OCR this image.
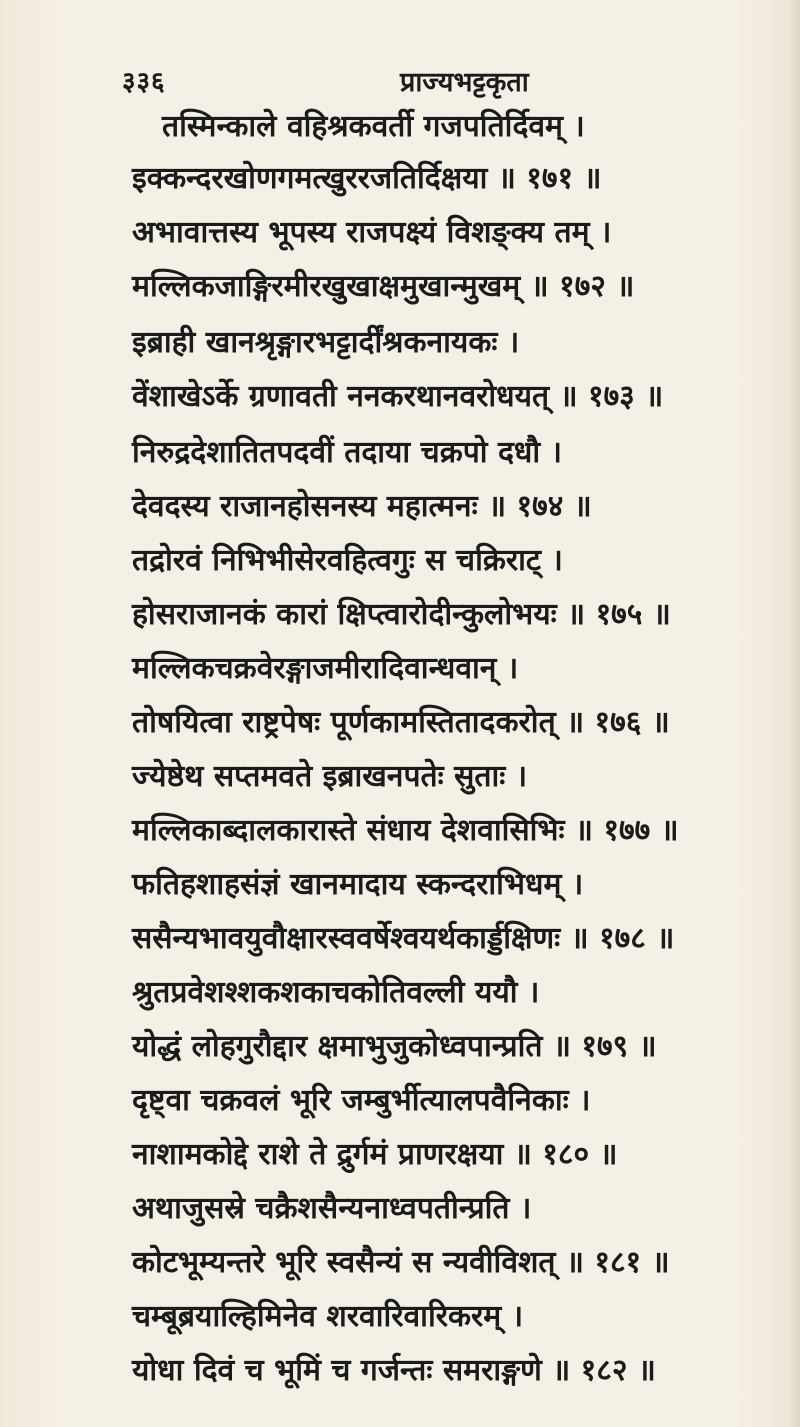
३३६	प्राज्यभट्टकृता
तस्मिन्काले वहिश्रकवर्ती गजपतिर्दिवम् ।
इक्कन्दरखोणगमत्खुररजतिर्दिक्षया ॥ १७१ ॥
अभावात्तस्य भूपस्य राजपक्ष्यं विशङ्क्य तम् ।
मल्लिकजाङ्गिरमीरखुखाक्षमुखान्मुखम् ॥ १७२ ॥
इब्राही खानश्रृङ्गारभट्टार्दींश्रकनायकः ।
वेंशाखेऽर्के ग्रणावती ननकरथानवरोधयत् ॥ १७३ ॥
निरुद्रदेशातितपदवीं तदाया चक्रपो दधौ ।
देवदस्य राजानहोसनस्य महात्मनः ॥ १७४ ॥
तद्रोरवं निभिभीसेरवहित्वगुः स चक्रिराट् ।
होसराजानकं कारां क्षिप्त्वारोदीन्कुलोभयः ॥ १७५ ॥
मल्लिकचक्रवेरङ्गाजमीरादिवान्धवान् ।
तोषयित्वा राष्ट्रपेषः पूर्णकामस्तितादकरोत् ॥ १७६ ॥
ज्येष्ठेथ सप्तमवते इब्राखनपतेः सुताः ।
मल्लिकाब्दालकारास्ते संधाय देशवासिभिः ॥ १७७ ॥
फतिहशाहसंज्ञं खानमादाय स्कन्दराभिधम् ।
ससैन्यभावयुवौक्षारस्ववर्षेश्वयर्थकार्ड्डक्षिणः ॥ १७८ ॥
श्रुतप्रवेशश्शकशकाचकोतिवल्ली ययौ ।
योद्धं लोहगुरौद्दार क्षमाभुजुकोध्वपान्प्रति ॥ १७९ ॥
दृष्ट्वा चक्रवलं भूरि जम्बुर्भीत्यालपवैनिकाः ।
नाशामकोद्दे राशे ते द्रुर्गमं प्राणरक्षया ॥ १८० ॥
अथाजुसस्रे चक्रैशसैन्यनाध्वपतीन्प्रति ।
कोटभूम्यन्तरे भूरि स्वसैन्यं स न्यवीविशत् ॥ १८१ ॥
चम्बूब्रयाल्हिमिनेव शरवारिवारिकरम् ।
योधा दिवं च भूमिं च गर्जन्तः समराङ्गणे ॥ १८२ ॥
